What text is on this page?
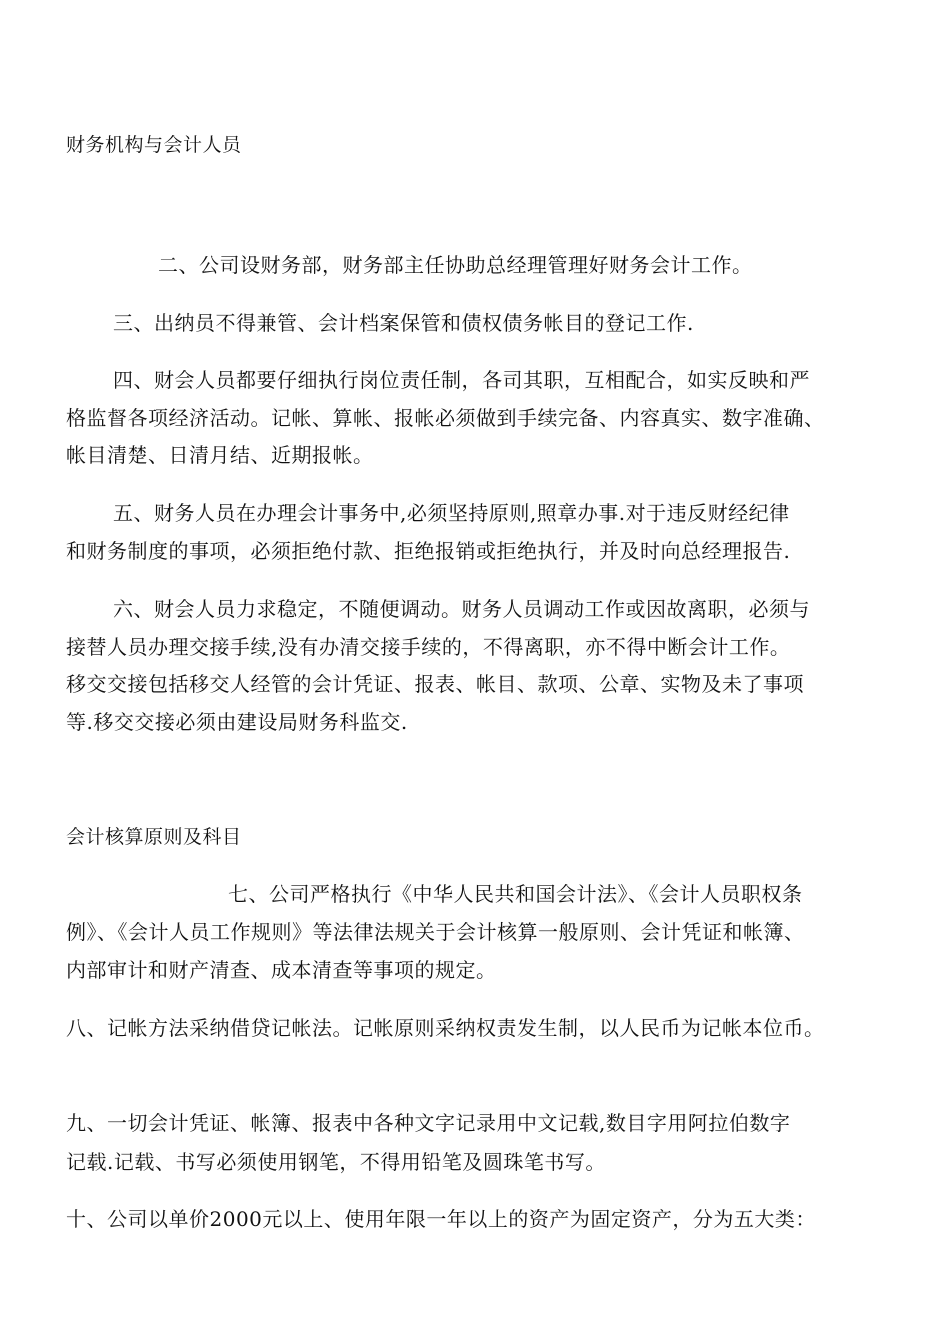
财务机构与会计人员
二、公司设财务部，财务部主任协助总经理管理好财务会计工作。
三、出纳员不得兼管、会计档案保管和债权债务帐目的登记工作.
四、财会人员都要仔细执行岗位责任制，各司其职，互相配合，如实反映和严
格监督各项经济活动。记帐、算帐、报帐必须做到手续完备、内容真实、数字准确、
帐目清楚、日清月结、近期报帐。
五、财务人员在办理会计事务中,必须坚持原则,照章办事.对于违反财经纪律
和财务制度的事项，必须拒绝付款、拒绝报销或拒绝执行，并及时向总经理报告.
六、财会人员力求稳定，不随便调动。财务人员调动工作或因故离职，必须与
接替人员办理交接手续,没有办清交接手续的，不得离职，亦不得中断会计工作。
移交交接包括移交人经管的会计凭证、报表、帐目、款项、公章、实物及未了事项
等.移交交接必须由建设局财务科监交.
会计核算原则及科目
七、公司严格执行《中华人民共和国会计法》、《会计人员职权条
例》、《会计人员工作规则》等法律法规关于会计核算一般原则、会计凭证和帐簿、
内部审计和财产清查、成本清查等事项的规定。
八、记帐方法采纳借贷记帐法。记帐原则采纳权责发生制，以人民币为记帐本位币。
九、一切会计凭证、帐簿、报表中各种文字记录用中文记载,数目字用阿拉伯数字
记载.记载、书写必须使用钢笔，不得用铅笔及圆珠笔书写。
十、公司以单价2000元以上、使用年限一年以上的资产为固定资产，分为五大类：
